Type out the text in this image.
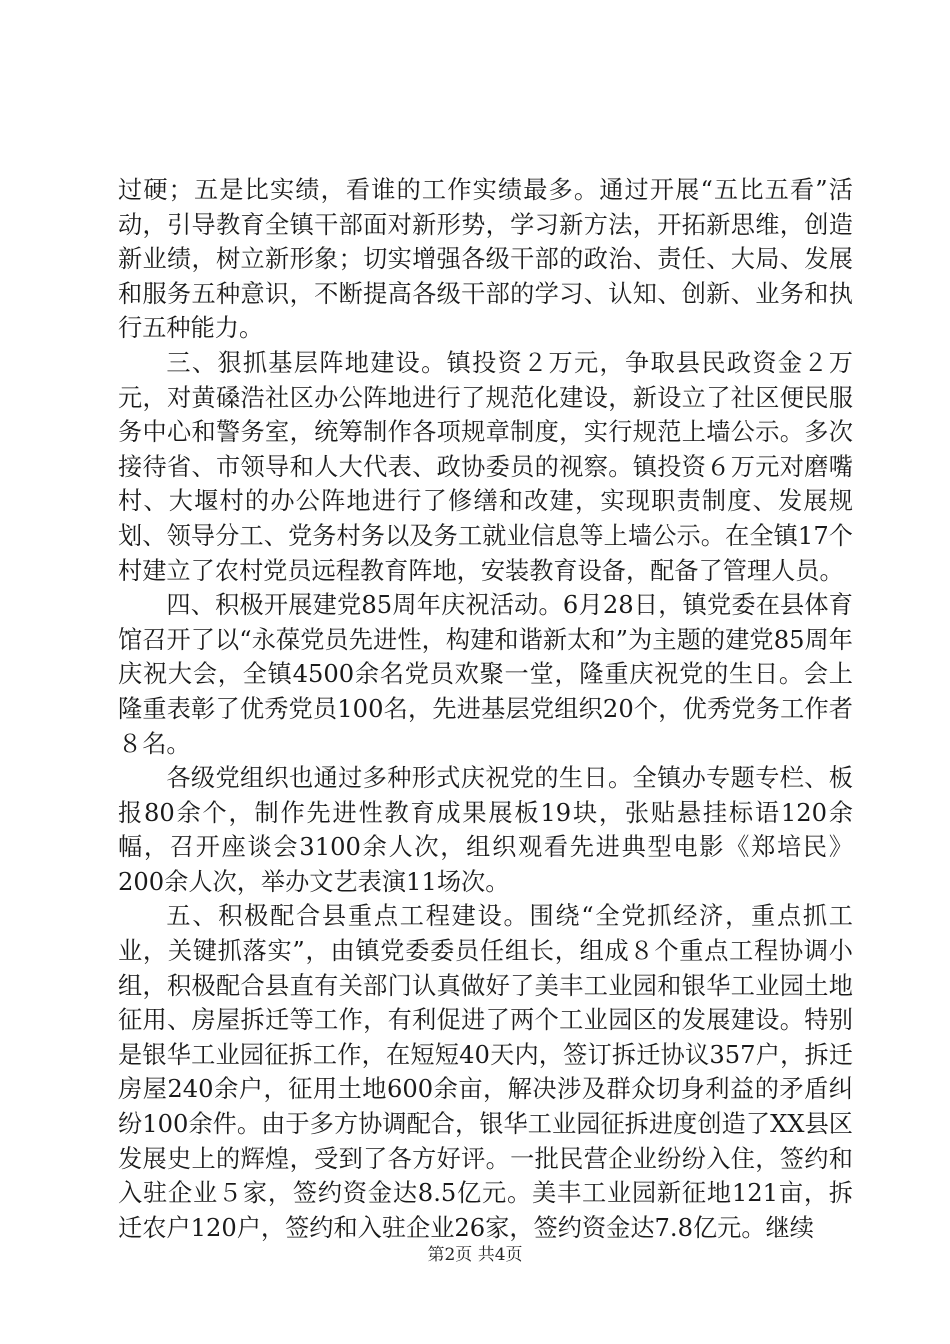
过硬；五是比实绩，看谁的工作实绩最多。通过开展“五比五看”活动，引导教育全镇干部面对新形势，学习新方法，开拓新思维，创造新业绩，树立新形象；切实增强各级干部的政治、责任、大局、发展和服务五种意识，不断提高各级干部的学习、认知、创新、业务和执行五种能力。

三、狠抓基层阵地建设。镇投资２万元，争取县民政资金２万元，对黄磉浩社区办公阵地进行了规范化建设，新设立了社区便民服务中心和警务室，统筹制作各项规章制度，实行规范上墙公示。多次接待省、市领导和人大代表、政协委员的视察。镇投资６万元对磨嘴村、大堰村的办公阵地进行了修缮和改建，实现职责制度、发展规划、领导分工、党务村务以及务工就业信息等上墙公示。在全镇17个村建立了农村党员远程教育阵地，安装教育设备，配备了管理人员。

四、积极开展建党85周年庆祝活动。6月28日，镇党委在县体育馆召开了以“永葆党员先进性，构建和谐新太和”为主题的建党85周年庆祝大会，全镇4500余名党员欢聚一堂，隆重庆祝党的生日。会上隆重表彰了优秀党员100名，先进基层党组织20个，优秀党务工作者８名。

各级党组织也通过多种形式庆祝党的生日。全镇办专题专栏、板报80余个，制作先进性教育成果展板19块，张贴悬挂标语120余幅，召开座谈会3100余人次，组织观看先进典型电影《郑培民》200余人次，举办文艺表演11场次。

五、积极配合县重点工程建设。围绕“全党抓经济，重点抓工业，关键抓落实”，由镇党委委员任组长，组成８个重点工程协调小组，积极配合县直有关部门认真做好了美丰工业园和银华工业园土地征用、房屋拆迁等工作，有利促进了两个工业园区的发展建设。特别是银华工业园征拆工作，在短短40天内，签订拆迁协议357户，拆迁房屋240余户，征用土地600余亩，解决涉及群众切身利益的矛盾纠纷100余件。由于多方协调配合，银华工业园征拆进度创造了XX县区发展史上的辉煌，受到了各方好评。一批民营企业纷纷入住，签约和入驻企业５家，签约资金达8.5亿元。美丰工业园新征地121亩，拆迁农户120户，签约和入驻企业26家，签约资金达7.8亿元。继续

第2页 共4页
